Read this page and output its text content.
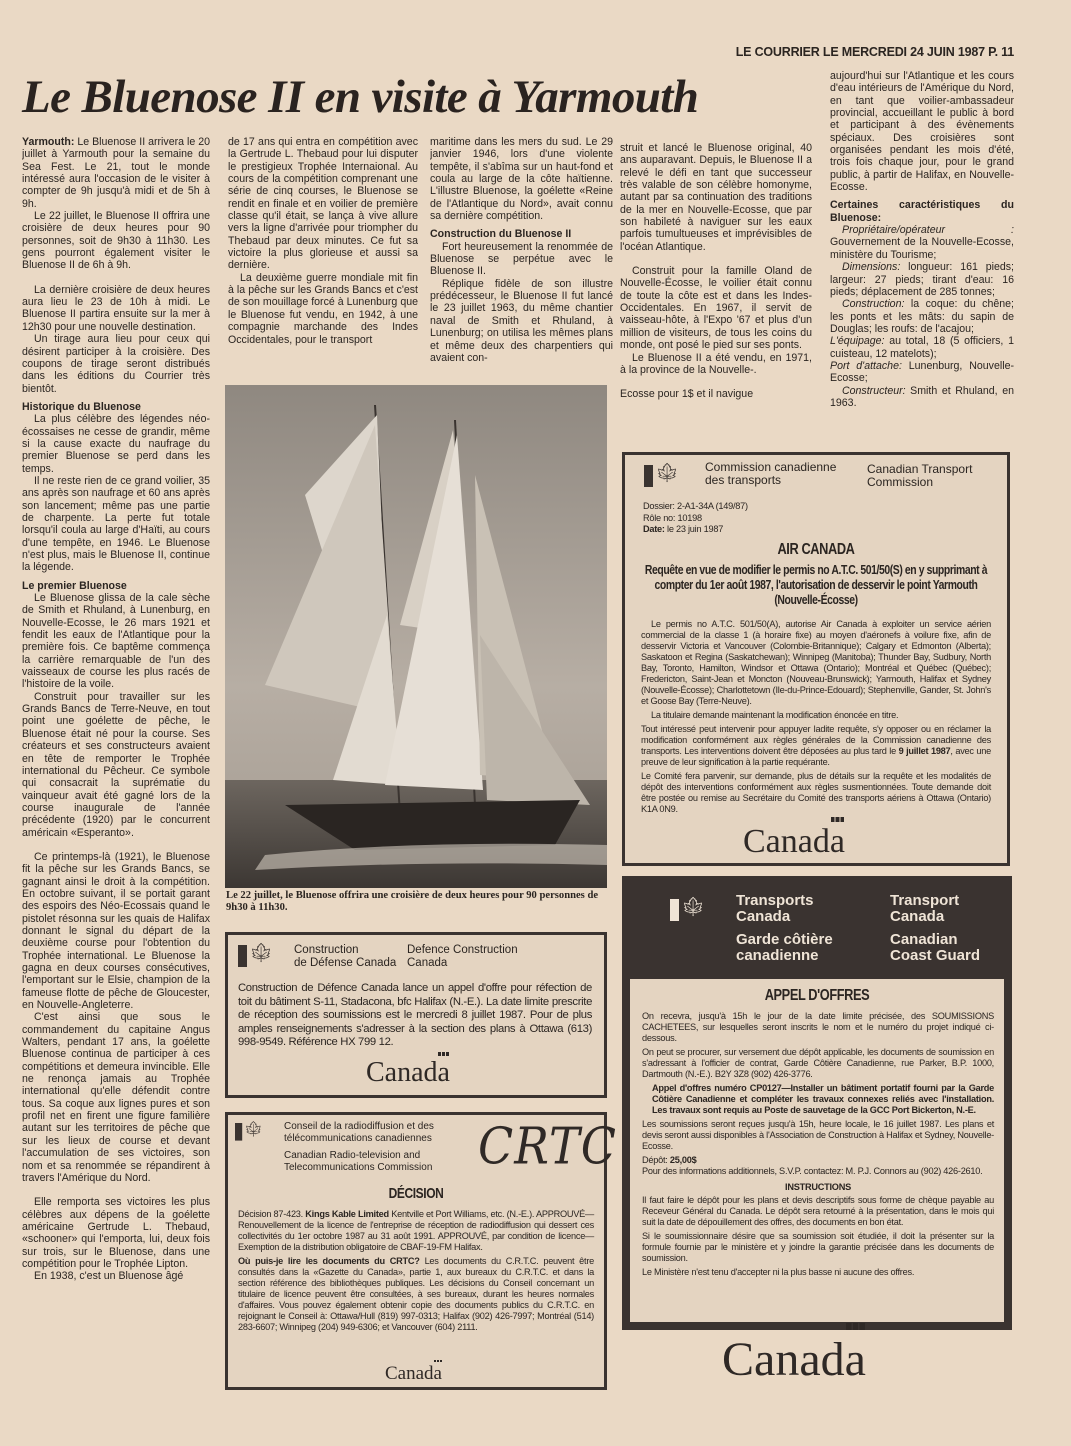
LE COURRIER LE MERCREDI 24 JUIN 1987 P. 11
Le Bluenose II en visite à Yarmouth

Yarmouth: Le Bluenose II arrivera le 20 juillet à Yarmouth pour la semaine du Sea Fest. Le 21, tout le monde intéressé aura l'occasion de le visiter à compter de 9h jusqu'à midi et de 5h à 9h.

Le 22 juillet, le Bluenose II offrira une croisière de deux heures pour 90 personnes, soit de 9h30 à 11h30. Les gens pourront également visiter le Bluenose II de 6h à 9h.

La dernière croisière de deux heures aura lieu le 23 de 10h à midi. Le Bluenose II partira ensuite sur la mer à 12h30 pour une nouvelle destination.

Un tirage aura lieu pour ceux qui désirent participer à la croisière. Des coupons de tirage seront distribués dans les éditions du Courrier très bientôt.

Historique du Bluenose

La plus célèbre des légendes néo-écossaises ne cesse de grandir, même si la cause exacte du naufrage du premier Bluenose se perd dans les temps.

Il ne reste rien de ce grand voilier, 35 ans après son naufrage et 60 ans après son lancement; même pas une partie de charpente. La perte fut totale lorsqu'il coula au large d'Haïti, au cours d'une tempête, en 1946. Le Bluenose n'est plus, mais le Bluenose II, continue la légende.

Le premier Bluenose

Le Bluenose glissa de la cale sèche de Smith et Rhuland, à Lunenburg, en Nouvelle-Ecosse, le 26 mars 1921 et fendit les eaux de l'Atlantique pour la première fois. Ce baptême commença la carrière remarquable de l'un des vaisseaux de course les plus racés de l'histoire de la voile.

Construit pour travailler sur les Grands Bancs de Terre-Neuve, en tout point une goélette de pêche, le Bluenose était né pour la course. Ses créateurs et ses constructeurs avaient en tête de remporter le Trophée international du Pêcheur. Ce symbole qui consacrait la suprématie du vainqueur avait été gagné lors de la course inaugurale de l'année précédente (1920) par le concurrent américain «Esperanto».

Ce printemps-là (1921), le Bluenose fit la pêche sur les Grands Bancs, se gagnant ainsi le droit à la compétition. En octobre suivant, il se portait garant des espoirs des Néo-Ecossais quand le pistolet résonna sur les quais de Halifax donnant le signal du départ de la deuxième course pour l'obtention du Trophée international. Le Bluenose la gagna en deux courses consécutives, l'emportant sur le Elsie, champion de la fameuse flotte de pêche de Gloucester, en Nouvelle-Angleterre.

C'est ainsi que sous le commandement du capitaine Angus Walters, pendant 17 ans, la goélette Bluenose continua de participer à ces compétitions et demeura invincible. Elle ne renonça jamais au Trophée international qu'elle défendit contre tous. Sa coque aux lignes pures et son profil net en firent une figure familière autant sur les territoires de pêche que sur les lieux de course et devant l'accumulation de ses victoires, son nom et sa renommée se répandirent à travers l'Amérique du Nord.

Elle remporta ses victoires les plus célèbres aux dépens de la goélette américaine Gertrude L. Thebaud, «schooner» qui l'emporta, lui, deux fois sur trois, sur le Bluenose, dans une compétition pour le Trophée Lipton.

En 1938, c'est un Bluenose âgé

de 17 ans qui entra en compétition avec la Gertrude L. Thebaud pour lui disputer le prestigieux Trophée Internaional. Au cours de la compétition comprenant une série de cinq courses, le Bluenose se rendit en finale et en voilier de première classe qu'il était, se lança à vive allure vers la ligne d'arrivée pour triompher du Thebaud par deux minutes. Ce fut sa victoire la plus glorieuse et aussi sa dernière.

La deuxième guerre mondiale mit fin à la pêche sur les Grands Bancs et c'est de son mouillage forcé à Lunenburg que le Bluenose fut vendu, en 1942, à une compagnie marchande des Indes Occidentales, pour le transport

maritime dans les mers du sud. Le 29 janvier 1946, lors d'une violente tempête, il s'abîma sur un haut-fond et coula au large de la côte haïtienne. L'illustre Bluenose, la goélette «Reine de l'Atlantique du Nord», avait connu sa dernière compétition.

Construction du Bluenose II

Fort heureusement la renommée de Bluenose se perpétue avec le Bluenose II.

Réplique fidèle de son illustre prédécesseur, le Bluenose II fut lancé le 23 juillet 1963, du même chantier naval de Smith et Rhuland, à Lunenburg; on utilisa les mêmes plans et même deux des charpentiers qui avaient con-

struit et lancé le Bluenose original, 40 ans auparavant. Depuis, le Bluenose II a relevé le défi en tant que successeur très valable de son célèbre homonyme, autant par sa continuation des traditions de la mer en Nouvelle-Ecosse, que par son habileté à naviguer sur les eaux parfois tumultueuses et imprévisibles de l'océan Atlantique.

Construit pour la famille Oland de Nouvelle-Écosse, le voilier était connu de toute la côte est et dans les Indes-Occidentales. En 1967, il servit de vaisseau-hôte, à l'Expo '67 et plus d'un million de visiteurs, de tous les coins du monde, ont posé le pied sur ses ponts.

Le Bluenose II a été vendu, en 1971, à la province de la Nouvelle-.

Ecosse pour 1$ et il navigue

aujourd'hui sur l'Atlantique et les cours d'eau intérieurs de l'Amérique du Nord, en tant que voilier-ambassadeur provincial, accueillant le public à bord et participant à des évènements spéciaux. Des croisières sont organisées pendant les mois d'été, trois fois chaque jour, pour le grand public, à partir de Halifax, en Nouvelle-Ecosse.

Certaines caractéristiques du Bluenose:

Propriétaire/opérateur : Gouvernement de la Nouvelle-Ecosse, ministère du Tourisme;

Dimensions: longueur: 161 pieds; largeur: 27 pieds; tirant d'eau: 16 pieds; déplacement de 285 tonnes;

Construction: la coque: du chêne; les ponts et les mâts: du sapin de Douglas; les roufs: de l'acajou;

L'équipage: au total, 18 (5 officiers, 1 cuisteau, 12 matelots);

Port d'attache: Lunenburg, Nouvelle-Ecosse;

Constructeur: Smith et Rhuland, en 1963.

Le 22 juillet, le Bluenose offrira une croisière de deux heures pour 90 personnes de 9h30 à 11h30.
🍁︎ Commission canadienne
des transports
Canadian Transport
Commission
Dossier: 2-A1-34A (149/87)
Rôle no: 10198
Date: le 23 juin 1987
AIR CANADA
Requête en vue de modifier le permis no A.T.C. 501/50(S) en y supprimant à compter du 1er août 1987, l'autorisation de desservir le point Yarmouth (Nouvelle-Écosse)

Le permis no A.T.C. 501/50(A), autorise Air Canada à exploiter un service aérien commercial de la classe 1 (à horaire fixe) au moyen d'aéronefs à voilure fixe, afin de desservir Victoria et Vancouver (Colombie-Britannique); Calgary et Edmonton (Alberta); Saskatoon et Regina (Saskatchewan); Winnipeg (Manitoba); Thunder Bay, Sudbury, North Bay, Toronto, Hamilton, Windsor et Ottawa (Ontario); Montréal et Québec (Québec); Fredericton, Saint-Jean et Moncton (Nouveau-Brunswick); Yarmouth, Halifax et Sydney (Nouvelle-Écosse); Charlottetown (Ile-du-Prince-Edouard); Stephenville, Gander, St. John's et Goose Bay (Terre-Neuve).

La titulaire demande maintenant la modification énoncée en titre.

Tout intéressé peut intervenir pour appuyer ladite requête, s'y opposer ou en réclamer la modification conformément aux règles générales de la Commission canadienne des transports. Les interventions doivent être déposées au plus tard le 9 juillet 1987, avec une preuve de leur signification à la partie requérante.

Le Comité fera parvenir, sur demande, plus de détails sur la requête et les modalités de dépôt des interventions conformément aux règles susmentionnées. Toute demande doit être postée ou remise au Secrétaire du Comité des transports aériens à Ottawa (Ontario) K1A 0N9.

Canada
🍁︎ Transports
Canada
Garde côtière
canadienne
Transport
Canada
Canadian
Coast Guard
APPEL D'OFFRES

On recevra, jusqu'à 15h le jour de la date limite précisée, des SOUMISSIONS CACHETEES, sur lesquelles seront inscrits le nom et le numéro du projet indiqué ci-dessous.

On peut se procurer, sur versement due dépôt applicable, les documents de soumission en s'adressant à l'officier de contrat, Garde Côtière Canadienne, rue Parker, B.P. 1000, Dartmouth (N.-E.). B2Y 3Z8 (902) 426-3776.

Appel d'offres numéro CP0127—Installer un bâtiment portatif fourni par la Garde Côtière Canadienne et compléter les travaux connexes reliés avec l'installation. Les travaux sont requis au Poste de sauvetage de la GCC Port Bickerton, N.-E.

Les soumissions seront reçues jusqu'à 15h, heure locale, le 16 juillet 1987. Les plans et devis seront aussi disponibles à l'Association de Construction à Halifax et Sydney, Nouvelle-Ecosse.

Dépôt: 25,00$

Pour des informations additionnels, S.V.P. contactez: M. P.J. Connors au (902) 426-2610.

INSTRUCTIONS

Il faut faire le dépôt pour les plans et devis descriptifs sous forme de chèque payable au Receveur Général du Canada. Le dépôt sera retourné à la présentation, dans le mois qui suit la date de dépouillement des offres, des documents en bon état.

Si le soumissionnaire désire que sa soumission soit étudiée, il doit la présenter sur la formule fournie par le ministère et y joindre la garantie précisée dans les documents de soumission.

Le Ministère n'est tenu d'accepter ni la plus basse ni aucune des offres.

Canada
🍁︎ Construction
de Défense Canada
Defence Construction
Canada
Construction de Défence Canada lance un appel d'offre pour réfection de toit du bâtiment S-11, Stadacona, bfc Halifax (N.-E.). La date limite prescrite de réception des soumissions est le mercredi 8 juillet 1987. Pour de plus amples renseignements s'adresser à la section des plans à Ottawa (613) 998-9549. Référence HX 799 12.
Canada
🍁︎ Conseil de la radiodiffusion et des
télécommunications canadiennes
Canadian Radio-television and
Telecommunications Commission CRTC
DÉCISION

Décision 87-423. Kings Kable Limited Kentville et Port Williams, etc. (N.-E.). APPROUVÉ—Renouvellement de la licence de l'entreprise de réception de radiodiffusion qui dessert ces collectivités du 1er octobre 1987 au 31 août 1991. APPROUVÉ, par condition de licence—Exemption de la distribution obligatoire de CBAF-19-FM Halifax.

Où puis-je lire les documents du CRTC? Les documents du C.R.T.C. peuvent être consultés dans la «Gazette du Canada», partie 1, aux bureaux du C.R.T.C. et dans la section référence des bibliothèques publiques. Les décisions du Conseil concernant un titulaire de licence peuvent être consultées, à ses bureaux, durant les heures normales d'affaires. Vous pouvez également obtenir copie des documents publics du C.R.T.C. en rejoignant le Conseil à: Ottawa/Hull (819) 997-0313; Halifax (902) 426-7997; Montréal (514) 283-6607; Winnipeg (204) 949-6306; et Vancouver (604) 2111.

Canada
